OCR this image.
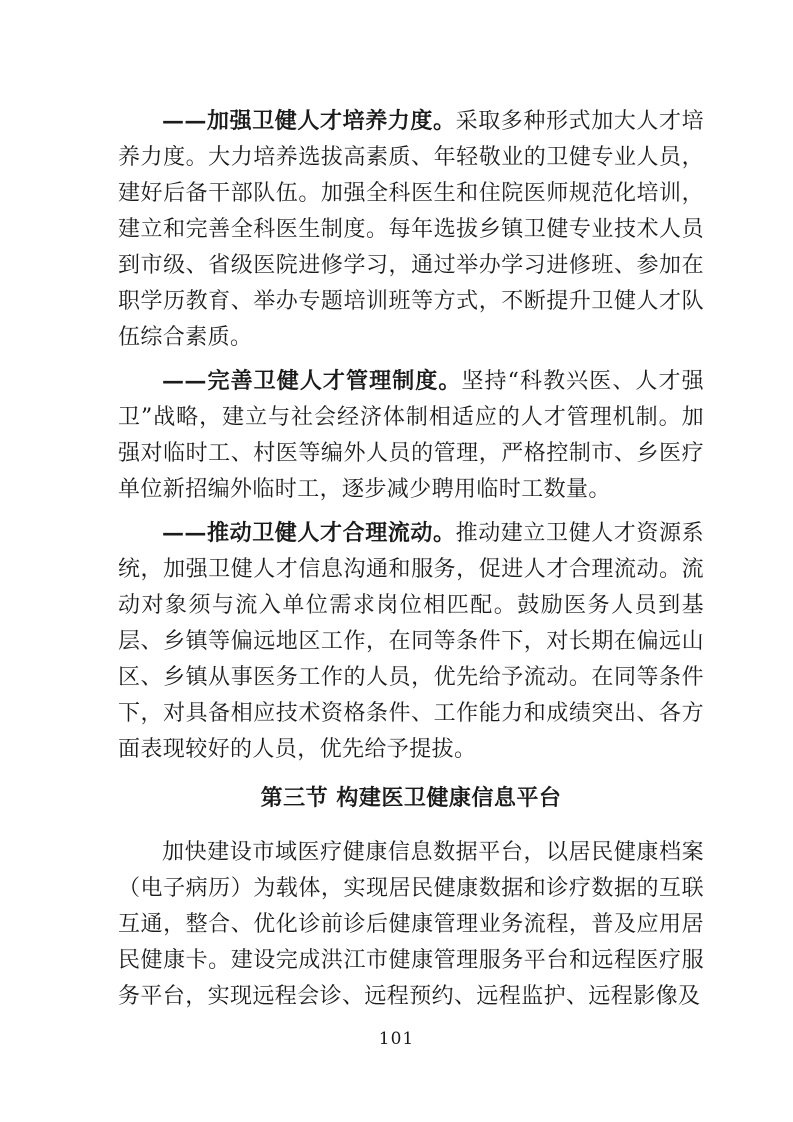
——加强卫健人才培养力度。采取多种形式加大人才培养力度。大力培养选拔高素质、年轻敬业的卫健专业人员，建好后备干部队伍。加强全科医生和住院医师规范化培训，建立和完善全科医生制度。每年选拔乡镇卫健专业技术人员到市级、省级医院进修学习，通过举办学习进修班、参加在职学历教育、举办专题培训班等方式，不断提升卫健人才队伍综合素质。

——完善卫健人才管理制度。坚持“科教兴医、人才强卫”战略，建立与社会经济体制相适应的人才管理机制。加强对临时工、村医等编外人员的管理，严格控制市、乡医疗单位新招编外临时工，逐步减少聘用临时工数量。

——推动卫健人才合理流动。推动建立卫健人才资源系统，加强卫健人才信息沟通和服务，促进人才合理流动。流动对象须与流入单位需求岗位相匹配。鼓励医务人员到基层、乡镇等偏远地区工作，在同等条件下，对长期在偏远山区、乡镇从事医务工作的人员，优先给予流动。在同等条件下，对具备相应技术资格条件、工作能力和成绩突出、各方面表现较好的人员，优先给予提拔。

第三节 构建医卫健康信息平台

加快建设市域医疗健康信息数据平台，以居民健康档案（电子病历）为载体，实现居民健康数据和诊疗数据的互联互通，整合、优化诊前诊后健康管理业务流程，普及应用居民健康卡。建设完成洪江市健康管理服务平台和远程医疗服务平台，实现远程会诊、远程预约、远程监护、远程影像及

101
